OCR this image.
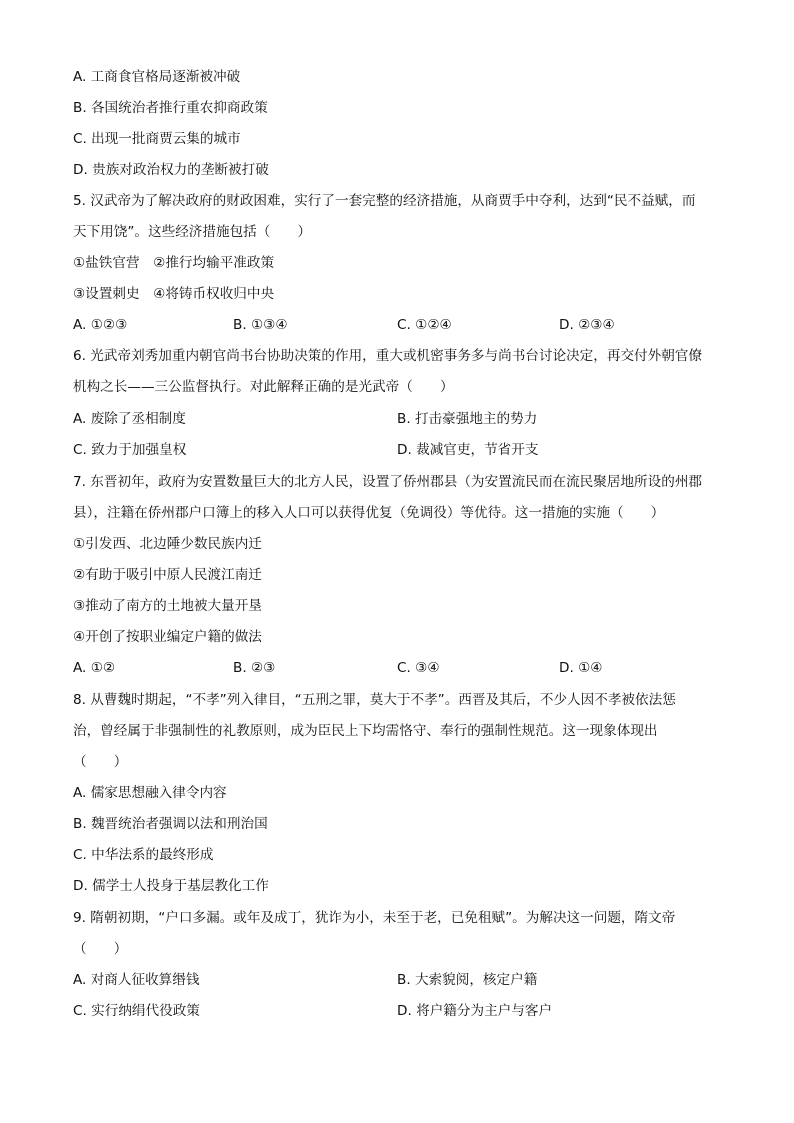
A. 工商食官格局逐渐被冲破
B. 各国统治者推行重农抑商政策
C. 出现一批商贾云集的城市
D. 贵族对政治权力的垄断被打破
5. 汉武帝为了解决政府的财政困难，实行了一套完整的经济措施，从商贾手中夺利，达到“民不益赋，而
天下用饶”。这些经济措施包括（　　）
①盐铁官营　②推行均输平准政策
③设置刺史　④将铸币权收归中央
A. ①②③	B. ①③④	C. ①②④	D. ②③④
6. 光武帝刘秀加重内朝官尚书台协助决策的作用，重大或机密事务多与尚书台讨论决定，再交付外朝官僚
机构之长——三公监督执行。对此解释正确的是光武帝（　　）
A. 废除了丞相制度	B. 打击豪强地主的势力
C. 致力于加强皇权	D. 裁减官吏，节省开支
7. 东晋初年，政府为安置数量巨大的北方人民，设置了侨州郡县（为安置流民而在流民聚居地所设的州郡
县），注籍在侨州郡户口簿上的移入人口可以获得优复（免调役）等优待。这一措施的实施（　　）
①引发西、北边陲少数民族内迁
②有助于吸引中原人民渡江南迁
③推动了南方的土地被大量开垦
④开创了按职业编定户籍的做法
A. ①②	B. ②③	C. ③④	D. ①④
8. 从曹魏时期起，“不孝”列入律目，“五刑之罪，莫大于不孝”。西晋及其后，不少人因不孝被依法惩
治，曾经属于非强制性的礼教原则，成为臣民上下均需恪守、奉行的强制性规范。这一现象体现出
（　　）
A. 儒家思想融入律令内容
B. 魏晋统治者强调以法和刑治国
C. 中华法系的最终形成
D. 儒学士人投身于基层教化工作
9. 隋朝初期，“户口多漏。或年及成丁，犹诈为小，未至于老，已免租赋”。为解决这一问题，隋文帝
（　　）
A. 对商人征收算缗钱	B. 大索貌阅，核定户籍
C. 实行纳绢代役政策	D. 将户籍分为主户与客户
